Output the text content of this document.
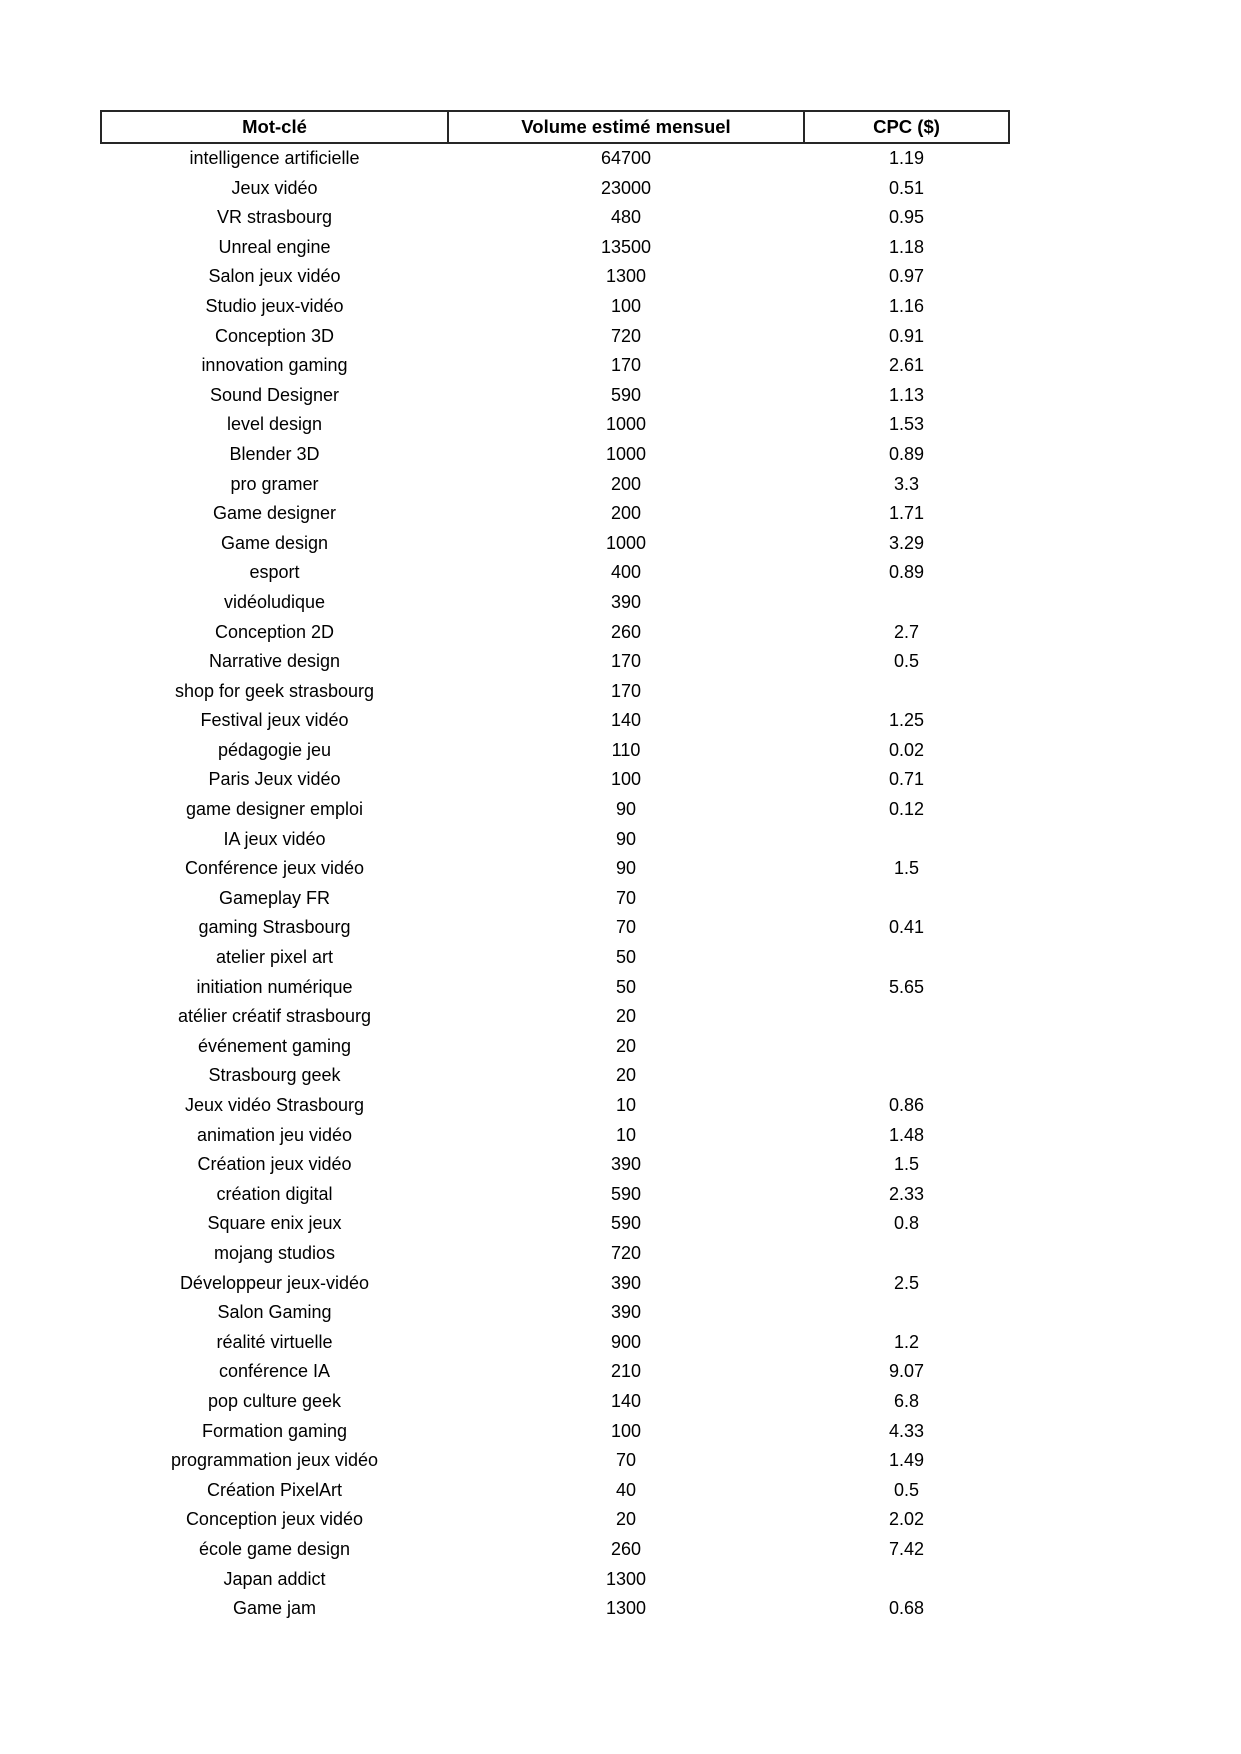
Mot-clé	Volume estimé mensuel	CPC ($)
intelligence artificielle	64700	1.19
Jeux vidéo	23000	0.51
VR strasbourg	480	0.95
Unreal engine	13500	1.18
Salon jeux vidéo	1300	0.97
Studio jeux-vidéo	100	1.16
Conception 3D	720	0.91
innovation gaming	170	2.61
Sound Designer	590	1.13
level design	1000	1.53
Blender 3D	1000	0.89
pro gramer	200	3.3
Game designer	200	1.71
Game design	1000	3.29
esport	400	0.89
vidéoludique	390	
Conception 2D	260	2.7
Narrative design	170	0.5
shop for geek strasbourg	170	
Festival jeux vidéo	140	1.25
pédagogie jeu	110	0.02
Paris Jeux vidéo	100	0.71
game designer emploi	90	0.12
IA jeux vidéo	90	
Conférence jeux vidéo	90	1.5
Gameplay FR	70	
gaming Strasbourg	70	0.41
atelier pixel art	50	
initiation numérique	50	5.65
atélier créatif strasbourg	20	
événement gaming	20	
Strasbourg geek	20	
Jeux vidéo Strasbourg	10	0.86
animation jeu vidéo	10	1.48
Création jeux vidéo	390	1.5
création digital	590	2.33
Square enix jeux	590	0.8
mojang studios	720	
Développeur jeux-vidéo	390	2.5
Salon Gaming	390	
réalité virtuelle	900	1.2
conférence IA	210	9.07
pop culture geek	140	6.8
Formation gaming	100	4.33
programmation jeux vidéo	70	1.49
Création PixelArt	40	0.5
Conception jeux vidéo	20	2.02
école game design	260	7.42
Japan addict	1300	
Game jam	1300	0.68
